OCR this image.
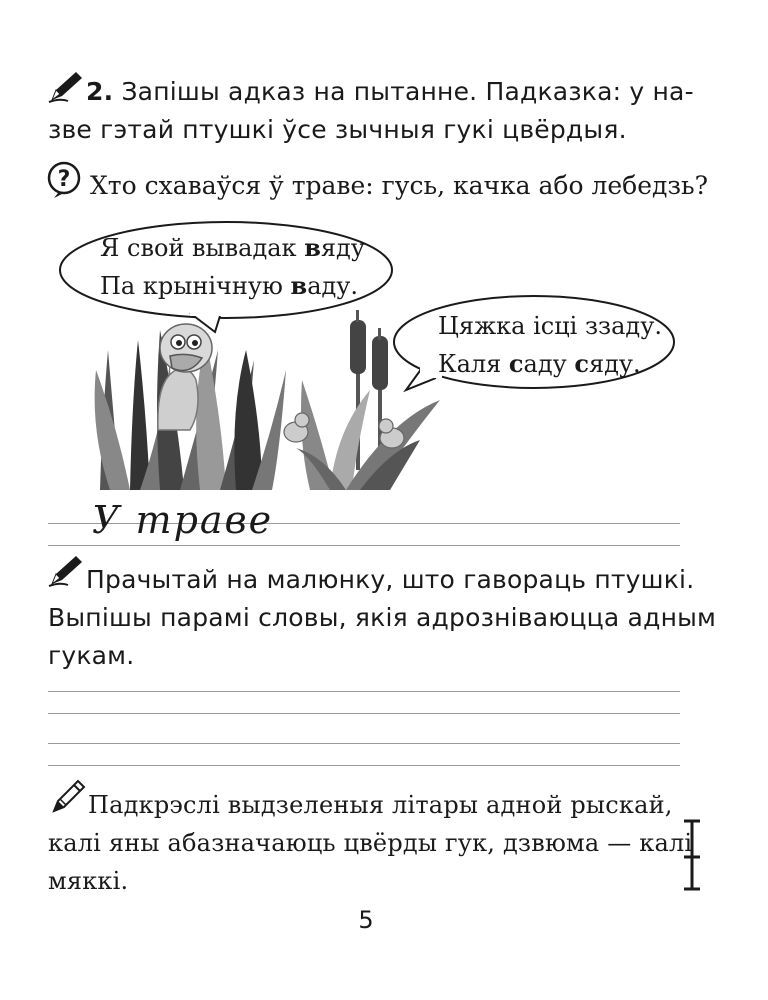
2. Запішы адказ на пытанне. Падказка: у на-
зве гэтай птушкі ўсе зычныя гукі цвёрдыя.
? Хто схаваўся ў траве: гусь, качка або лебедзь?
Я свой вывадак вяду
Па крынічную ваду.
Цяжка ісці ззаду.
Каля саду сяду.
У траве
Прачытай на малюнку, што гавораць птушкі.
Выпішы парамі словы, якія адрозніваюцца адным
гукам.
Падкрэслі выдзеленыя літары адной рыскай,
калі яны абазначаюць цвёрды гук, дзвюма — калі
мяккі.
5
